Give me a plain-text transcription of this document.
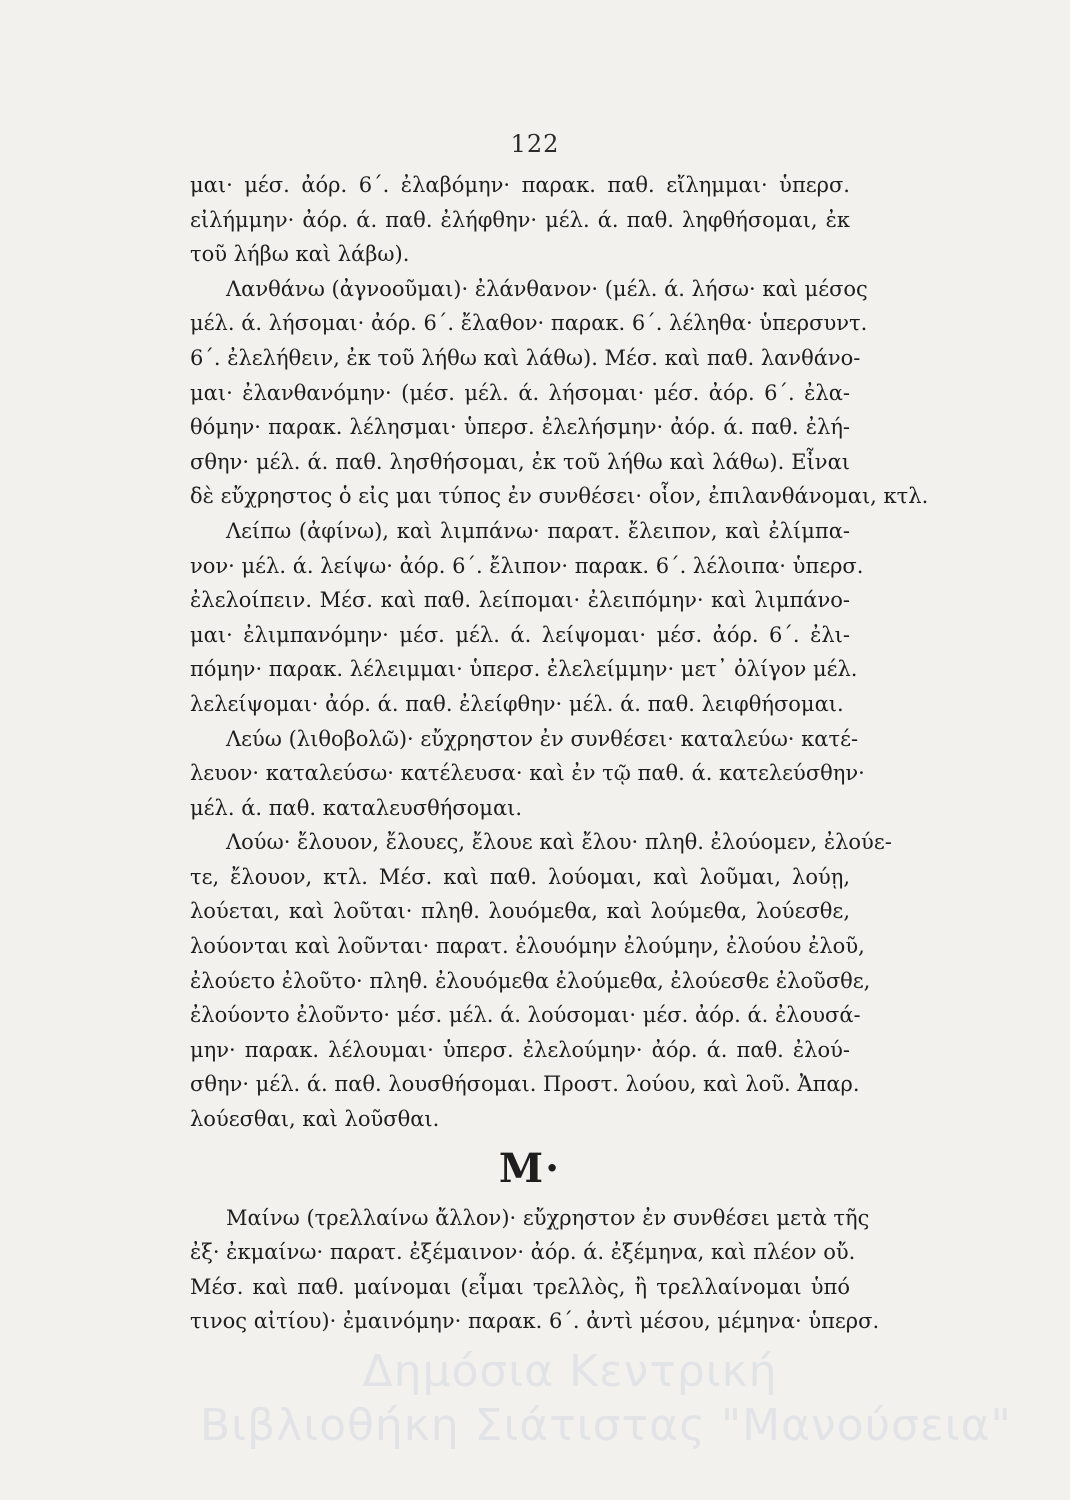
122
μαι· μέσ. ἀόρ. 6΄. ἐλαβόμην· παρακ. παθ. εἴλημμαι· ὑπερσ.
εἰλήμμην· ἀόρ. ά. παθ. ἐλήφθην· μέλ. ά. παθ. ληφθήσομαι, ἐκ
τοῦ λήβω καὶ λάβω).
Λανθάνω (ἀγνοοῦμαι)· ἐλάνθανον· (μέλ. ά. λήσω· καὶ μέσος
μέλ. ά. λήσομαι· ἀόρ. 6΄. ἔλαθον· παρακ. 6΄. λέληθα· ὑπερσυντ.
6΄. ἐλελήθειν, ἐκ τοῦ λήθω καὶ λάθω). Μέσ. καὶ παθ. λανθάνο-
μαι· ἐλανθανόμην· (μέσ. μέλ. ά. λήσομαι· μέσ. ἀόρ. 6΄. ἐλα-
θόμην· παρακ. λέλησμαι· ὑπερσ. ἐλελήσμην· ἀόρ. ά. παθ. ἐλή-
σθην· μέλ. ά. παθ. λησθήσομαι, ἐκ τοῦ λήθω καὶ λάθω). Εἶναι
δὲ εὔχρηστος ὁ εἰς μαι τύπος ἐν συνθέσει· οἷον, ἐπιλανθάνομαι, κτλ.
Λείπω (ἀφίνω), καὶ λιμπάνω· παρατ. ἔλειπον, καὶ ἐλίμπα-
νον· μέλ. ά. λείψω· ἀόρ. 6΄. ἔλιπον· παρακ. 6΄. λέλοιπα· ὑπερσ.
ἐλελοίπειν. Μέσ. καὶ παθ. λείπομαι· ἐλειπόμην· καὶ λιμπάνο-
μαι· ἐλιμπανόμην· μέσ. μέλ. ά. λείψομαι· μέσ. ἀόρ. 6΄. ἐλι-
πόμην· παρακ. λέλειμμαι· ὑπερσ. ἐλελείμμην· μετ᾽ ὀλίγον μέλ.
λελείψομαι· ἀόρ. ά. παθ. ἐλείφθην· μέλ. ά. παθ. λειφθήσομαι.
Λεύω (λιθοβολῶ)· εὔχρηστον ἐν συνθέσει· καταλεύω· κατέ-
λευον· καταλεύσω· κατέλευσα· καὶ ἐν τῷ παθ. ά. κατελεύσθην·
μέλ. ά. παθ. καταλευσθήσομαι.
Λούω· ἔλουον, ἔλουες, ἔλουε καὶ ἔλου· πληθ. ἐλούομεν, ἐλούε-
τε, ἔλουον, κτλ. Μέσ. καὶ παθ. λούομαι, καὶ λοῦμαι, λούῃ,
λούεται, καὶ λοῦται· πληθ. λουόμεθα, καὶ λούμεθα, λούεσθε,
λούονται καὶ λοῦνται· παρατ. ἐλουόμην ἐλούμην, ἐλούου ἐλοῦ,
ἐλούετο ἐλοῦτο· πληθ. ἐλουόμεθα ἐλούμεθα, ἐλούεσθε ἐλοῦσθε,
ἐλούοντο ἐλοῦντο· μέσ. μέλ. ά. λούσομαι· μέσ. ἀόρ. ά. ἐλουσά-
μην· παρακ. λέλουμαι· ὑπερσ. ἐλελούμην· ἀόρ. ά. παθ. ἐλού-
σθην· μέλ. ά. παθ. λουσθήσομαι. Προστ. λούου, καὶ λοῦ. Ἀπαρ.
λούεσθαι, καὶ λοῦσθαι.
Μ·
Μαίνω (τρελλαίνω ἄλλον)· εὔχρηστον ἐν συνθέσει μετὰ τῆς
ἐξ· ἐκμαίνω· παρατ. ἐξέμαινον· ἀόρ. ά. ἐξέμηνα, καὶ πλέον οὔ.
Μέσ. καὶ παθ. μαίνομαι (εἶμαι τρελλὸς, ἢ τρελλαίνομαι ὑπό
τινος αἰτίου)· ἐμαινόμην· παρακ. 6΄. ἀντὶ μέσου, μέμηνα· ὑπερσ.
Δημόσια Κεντρική
Βιβλιοθήκη Σιάτιστας "Μανούσεια"
